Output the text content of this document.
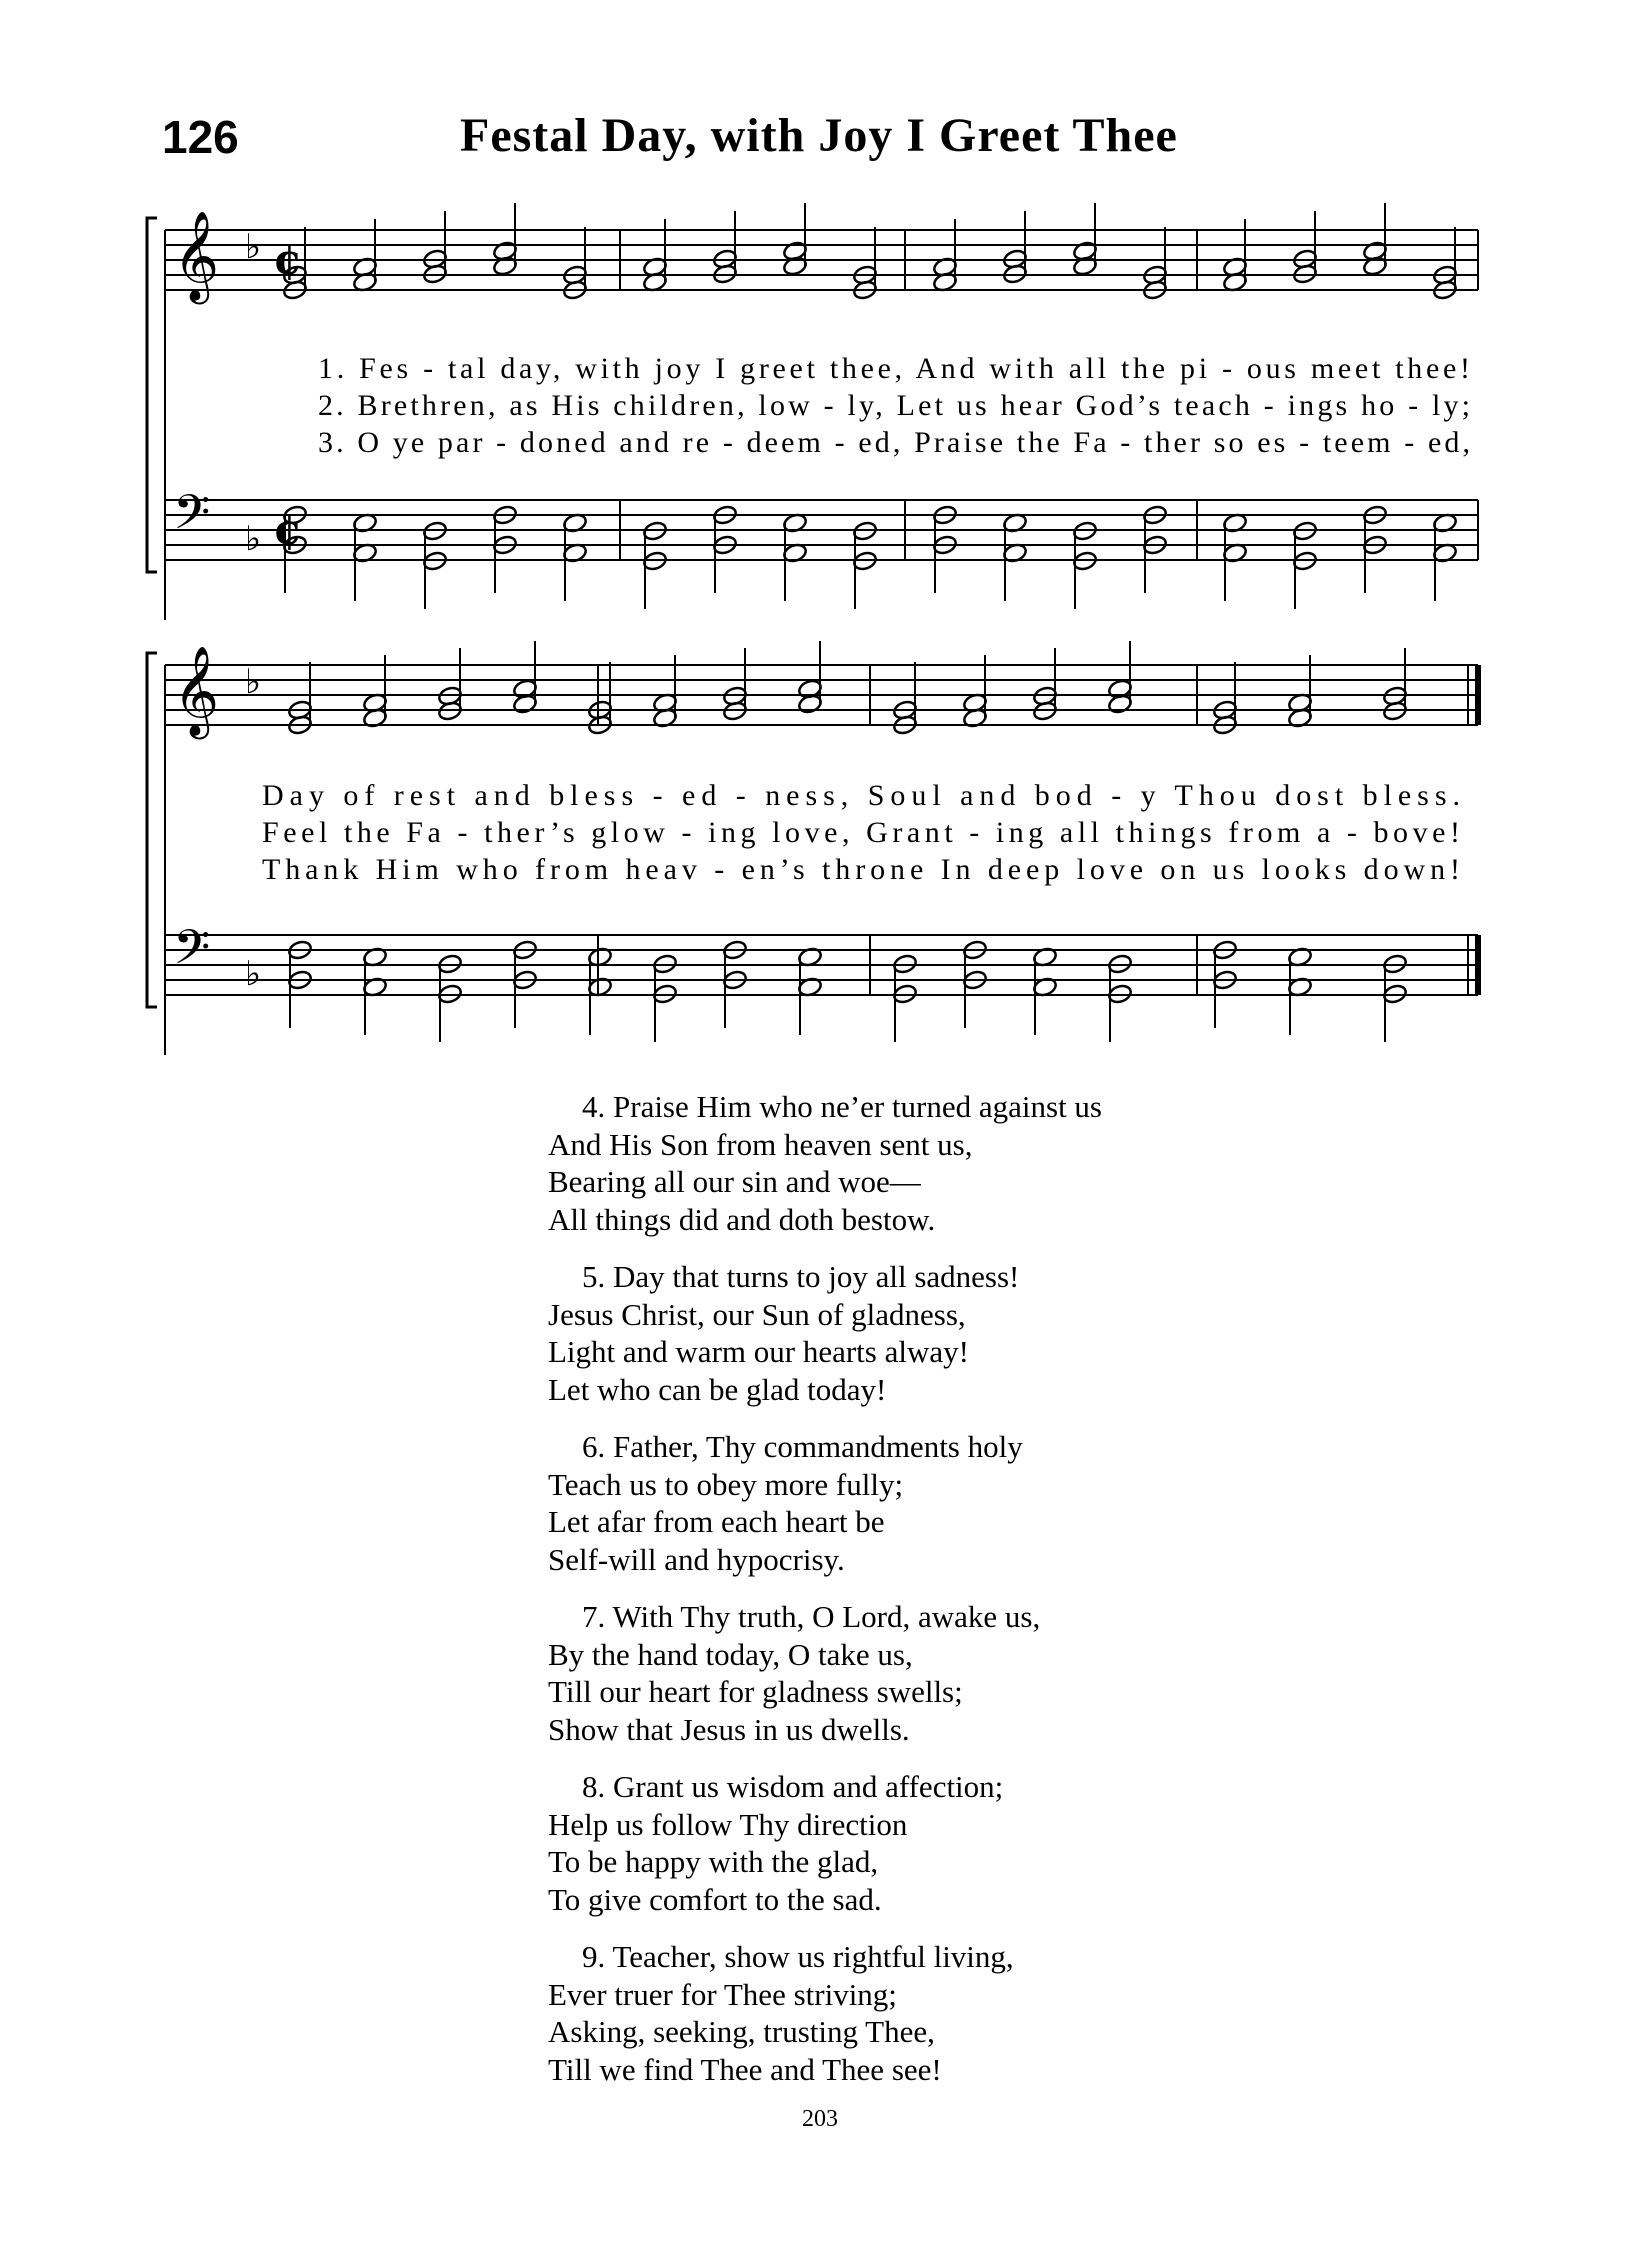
126	Festal Day, with Joy I Greet Thee
𝄞 ♭ ¢
𝄢 ♭ ¢
𝄞 ♭
𝄢 ♭
1. Fes - tal day, with joy I greet thee, And with all the pi - ous meet thee!
2. Brethren, as His children, low - ly, Let us hear God’s teach - ings ho - ly;
3. O ye par - doned and re - deem - ed, Praise the Fa - ther so es - teem - ed,
Day of rest and bless - ed - ness, Soul and bod - y Thou dost bless.
Feel the Fa - ther’s glow - ing love, Grant - ing all things from a - bove!
Thank Him who from heav - en’s throne In deep love on us looks down!
4. Praise Him who ne’er turned against us
And His Son from heaven sent us,
Bearing all our sin and woe—
All things did and doth bestow.
5. Day that turns to joy all sadness!
Jesus Christ, our Sun of gladness,
Light and warm our hearts alway!
Let who can be glad today!
6. Father, Thy commandments holy
Teach us to obey more fully;
Let afar from each heart be
Self-will and hypocrisy.
7. With Thy truth, O Lord, awake us,
By the hand today, O take us,
Till our heart for gladness swells;
Show that Jesus in us dwells.
8. Grant us wisdom and affection;
Help us follow Thy direction
To be happy with the glad,
To give comfort to the sad.
9. Teacher, show us rightful living,
Ever truer for Thee striving;
Asking, seeking, trusting Thee,
Till we find Thee and Thee see!
203
